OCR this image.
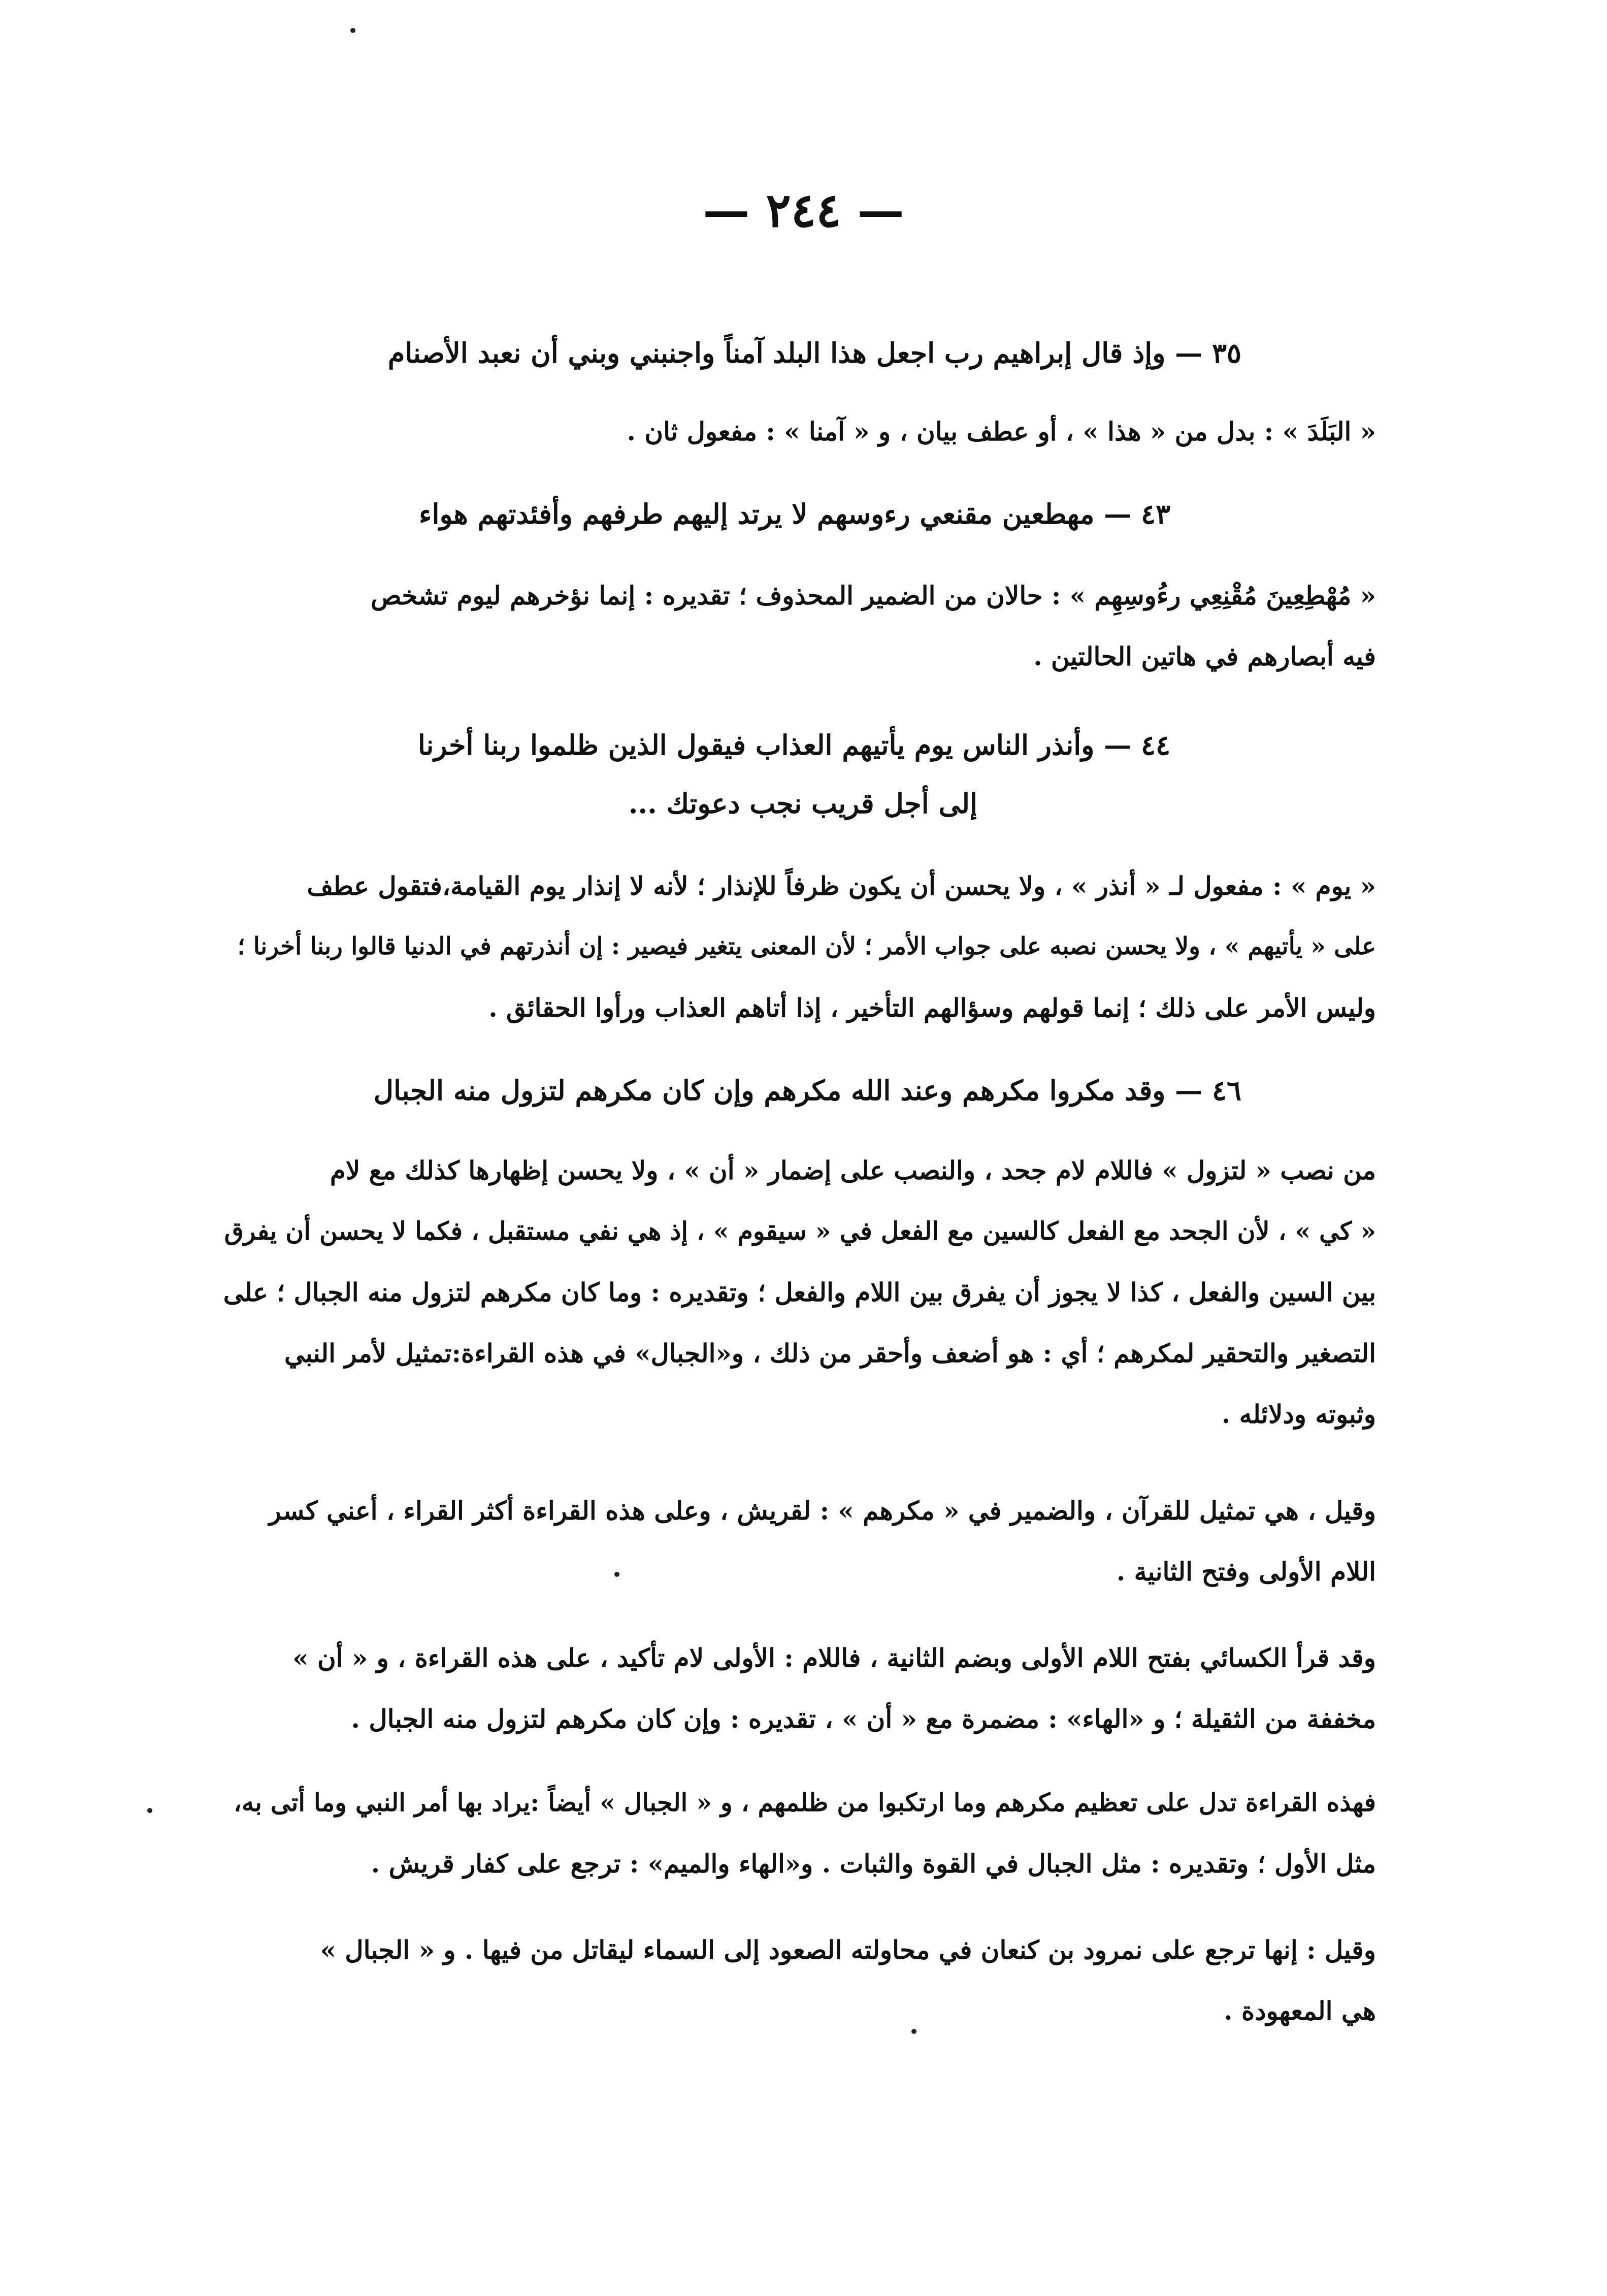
— ٢٤٤ —
٣٥ — وإذ قال إبراهيم رب اجعل هذا البلد آمناً واجنبني وبني أن نعبد الأصنام
« البَلَدَ » : بدل من « هذا » ، أو عطف بيان ، و « آمنا » : مفعول ثان .
٤٣ — مهطعين مقنعي رءوسهم لا يرتد إليهم طرفهم وأفئدتهم هواء
« مُهْطِعِينَ مُقْنِعِي رءُوسِهِم » : حالان من الضمير المحذوف ؛ تقديره : إنما نؤخرهم ليوم تشخص
فيه أبصارهم في هاتين الحالتين .
٤٤ — وأنذر الناس يوم يأتيهم العذاب فيقول الذين ظلموا ربنا أخرنا
إلى أجل قريب نجب دعوتك ...
« يوم » : مفعول لـ « أنذر » ، ولا يحسن أن يكون ظرفاً للإنذار ؛ لأنه لا إنذار يوم القيامة،فتقول عطف
على « يأتيهم » ، ولا يحسن نصبه على جواب الأمر ؛ لأن المعنى يتغير فيصير : إن أنذرتهم في الدنيا قالوا ربنا أخرنا ؛
وليس الأمر على ذلك ؛ إنما قولهم وسؤالهم التأخير ، إذا أتاهم العذاب ورأوا الحقائق .
٤٦ — وقد مكروا مكرهم وعند الله مكرهم وإن كان مكرهم لتزول منه الجبال
من نصب « لتزول » فاللام لام جحد ، والنصب على إضمار « أن » ، ولا يحسن إظهارها كذلك مع لام
« كي » ، لأن الجحد مع الفعل كالسين مع الفعل في « سيقوم » ، إذ هي نفي مستقبل ، فكما لا يحسن أن يفرق
بين السين والفعل ، كذا لا يجوز أن يفرق بين اللام والفعل ؛ وتقديره : وما كان مكرهم لتزول منه الجبال ؛ على
التصغير والتحقير لمكرهم ؛ أي : هو أضعف وأحقر من ذلك ، و«الجبال» في هذه القراءة:تمثيل لأمر النبي
وثبوته ودلائله .
وقيل ، هي تمثيل للقرآن ، والضمير في « مكرهم » : لقريش ، وعلى هذه القراءة أكثر القراء ، أعني كسر
اللام الأولى وفتح الثانية .
وقد قرأ الكسائي بفتح اللام الأولى وبضم الثانية ، فاللام : الأولى لام تأكيد ، على هذه القراءة ، و « أن »
مخففة من الثقيلة ؛ و «الهاء» : مضمرة مع « أن » ، تقديره : وإن كان مكرهم لتزول منه الجبال .
فهذه القراءة تدل على تعظيم مكرهم وما ارتكبوا من ظلمهم ، و « الجبال » أيضاً :يراد بها أمر النبي وما أتى به،
مثل الأول ؛ وتقديره : مثل الجبال في القوة والثبات . و«الهاء والميم» : ترجع على كفار قريش .
وقيل : إنها ترجع على نمرود بن كنعان في محاولته الصعود إلى السماء ليقاتل من فيها . و « الجبال »
هي المعهودة .
